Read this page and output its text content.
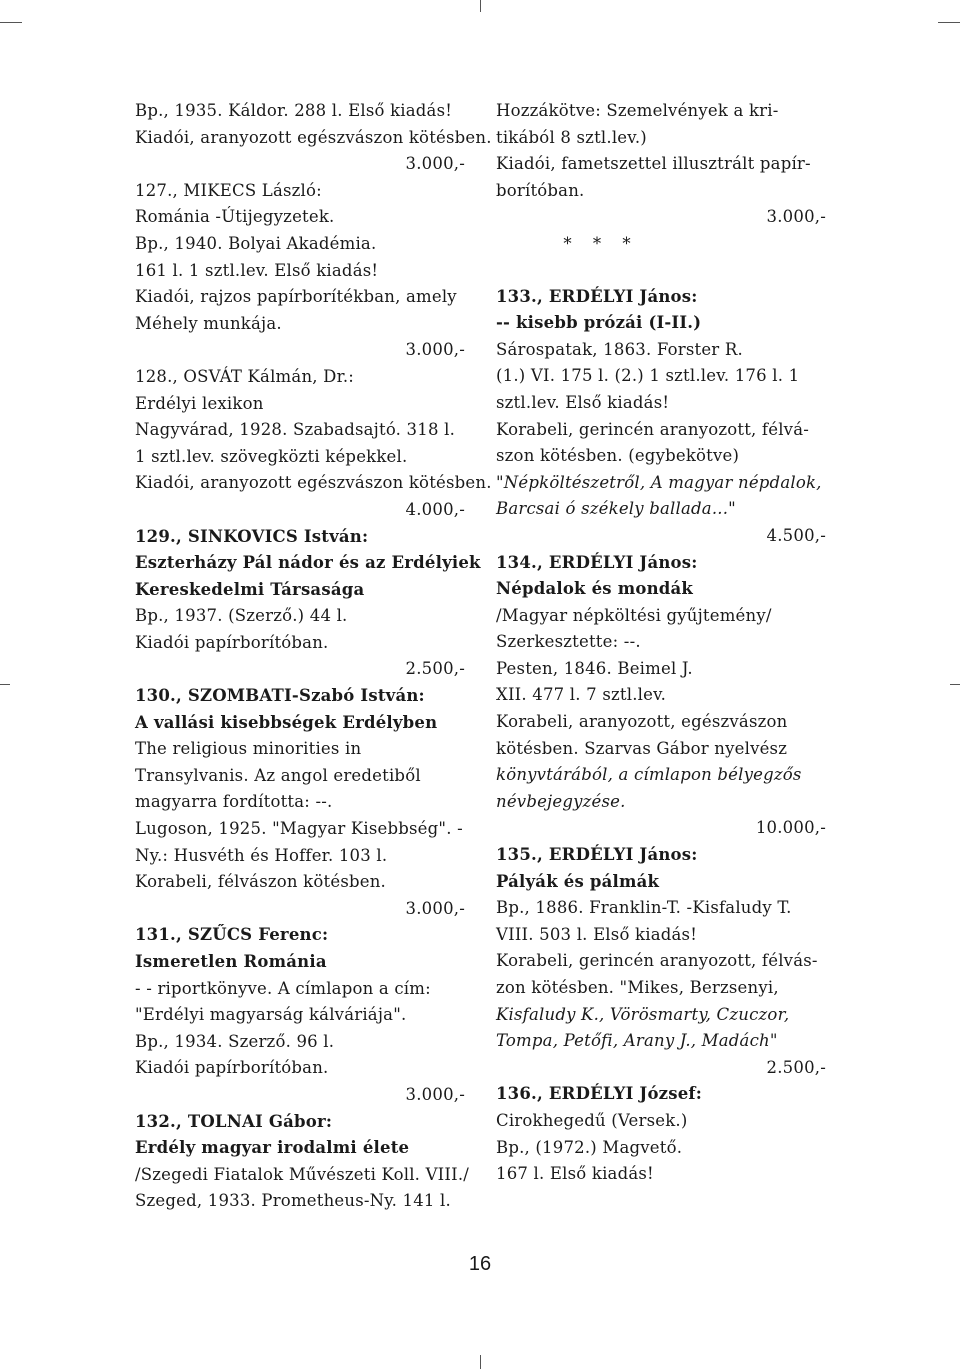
Bp., 1935. Káldor. 288 l. Első kiadás!
Kiadói, aranyozott egészvászon kötésben.
3.000,-
127., MIKECS László:
Románia -Útijegyzetek.
Bp., 1940. Bolyai Akadémia.
161 l. 1 sztl.lev. Első kiadás!
Kiadói, rajzos papírborítékban, amely
Méhely munkája.
3.000,-
128., OSVÁT Kálmán, Dr.:
Erdélyi lexikon
Nagyvárad, 1928. Szabadsajtó. 318 l.
1 sztl.lev. szövegközti képekkel.
Kiadói, aranyozott egészvászon kötésben.
4.000,-
129., SINKOVICS István:
Eszterházy Pál nádor és az Erdélyiek
Kereskedelmi Társasága
Bp., 1937. (Szerző.) 44 l.
Kiadói papírborítóban.
2.500,-
130., SZOMBATI-Szabó István:
A vallási kisebbségek Erdélyben
The religious minorities in
Transylvanis. Az angol eredetiből
magyarra fordította: --.
Lugoson, 1925. "Magyar Kisebbség". -
Ny.: Husvéth és Hoffer. 103 l.
Korabeli, félvászon kötésben.
3.000,-
131., SZŰCS Ferenc:
Ismeretlen Románia
- - riportkönyve. A címlapon a cím:
"Erdélyi magyarság kálváriája".
Bp., 1934. Szerző. 96 l.
Kiadói papírborítóban.
3.000,-
132., TOLNAI Gábor:
Erdély magyar irodalmi élete
/Szegedi Fiatalok Művészeti Koll. VIII./
Szeged, 1933. Prometheus-Ny. 141 l.
Hozzákötve: Szemelvények a kri-
tikából 8 sztl.lev.)
Kiadói, fametszettel illusztrált papír-
borítóban.
3.000,-
* * *
133., ERDÉLYI János:
-- kisebb prózái (I-II.)
Sárospatak, 1863. Forster R.
(1.) VI. 175 l. (2.) 1 sztl.lev. 176 l. 1
sztl.lev. Első kiadás!
Korabeli, gerincén aranyozott, félvá-
szon kötésben. (egybekötve)
"Népköltészetről, A magyar népdalok,
Barcsai ó székely ballada..."
4.500,-
134., ERDÉLYI János:
Népdalok és mondák
/Magyar népköltési gyűjtemény/
Szerkesztette: --.
Pesten, 1846. Beimel J.
XII. 477 l. 7 sztl.lev.
Korabeli, aranyozott, egészvászon
kötésben. Szarvas Gábor nyelvész
könyvtárából, a címlapon bélyegzős
névbejegyzése.
10.000,-
135., ERDÉLYI János:
Pályák és pálmák
Bp., 1886. Franklin-T. -Kisfaludy T.
VIII. 503 l. Első kiadás!
Korabeli, gerincén aranyozott, félvás-
zon kötésben. "Mikes, Berzsenyi,
Kisfaludy K., Vörösmarty, Czuczor,
Tompa, Petőfi, Arany J., Madách"
2.500,-
136., ERDÉLYI József:
Cirokhegedű (Versek.)
Bp., (1972.) Magvető.
167 l. Első kiadás!
16
